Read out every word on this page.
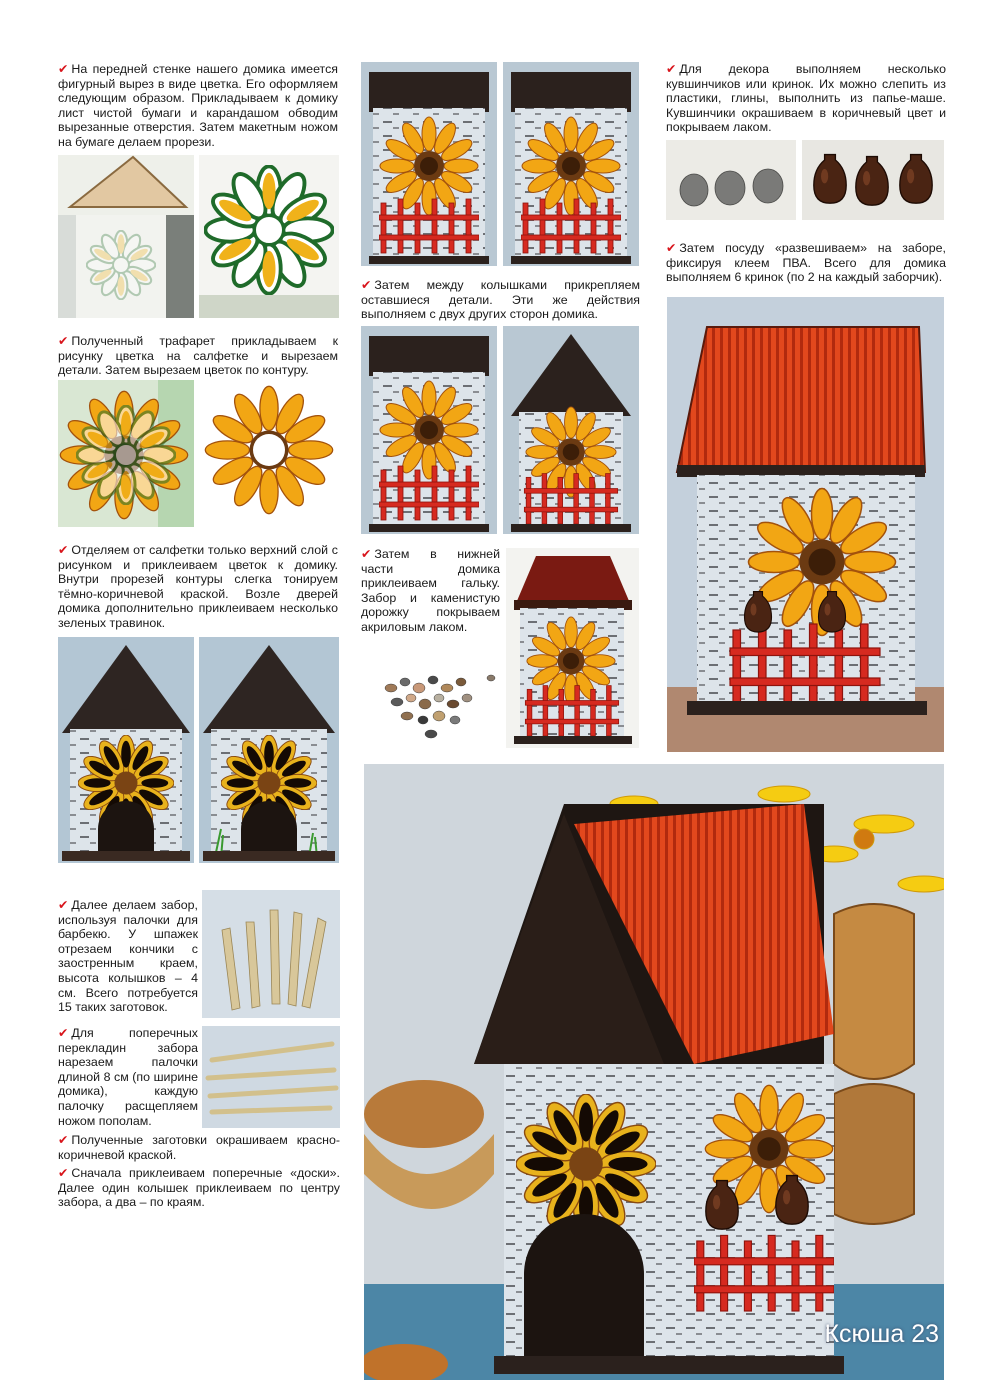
✔ На передней стенке нашего домика имеется фигурный вырез в виде цветка. Его оформляем следующим образом. Прикладываем к домику лист чистой бумаги и карандашом обводим вырезанные отверстия. Затем макетным ножом на бумаге делаем прорези.
✔ Полученный трафарет прикладываем к рисунку цветка на салфетке и вырезаем детали. Затем вырезаем цветок по контуру.
✔ Отделяем от салфетки только верхний слой с рисунком и приклеиваем цветок к домику. Внутри прорезей контуры слегка тонируем тёмно-коричневой краской. Возле дверей домика дополнительно приклеиваем несколько зеленых травинок.
✔ Далее делаем забор, используя палочки для барбекю. У шпажек отрезаем кончики с заостренным краем, высота колышков – 4 см. Всего потребуется 15 таких заготовок.
✔ Для поперечных перекладин забора нарезаем палочки длиной 8 см (по ширине домика), каждую палочку расщепляем ножом пополам.
✔ Полученные заготовки окрашиваем красно-коричневой краской.
✔ Сначала приклеиваем поперечные «доски». Далее один колышек приклеиваем по центру забора, а два – по краям.
✔ Затем между колышками прикрепляем оставшиеся детали. Эти же действия выполняем с двух других сторон домика.
✔ Затем в нижней части домика приклеиваем гальку. Забор и каменистую дорожку покрываем акриловым лаком.
✔ Для декора выполняем несколько кувшинчиков или кринок. Их можно слепить из пластики, глины, выполнить из папье-маше. Кувшинчики окрашиваем в коричневый цвет и покрываем лаком.
✔ Затем посуду «развешиваем» на заборе, фиксируя клеем ПВА. Всего для домика выполняем 6 кринок (по 2 на каждый заборчик).
Ксюша 23
